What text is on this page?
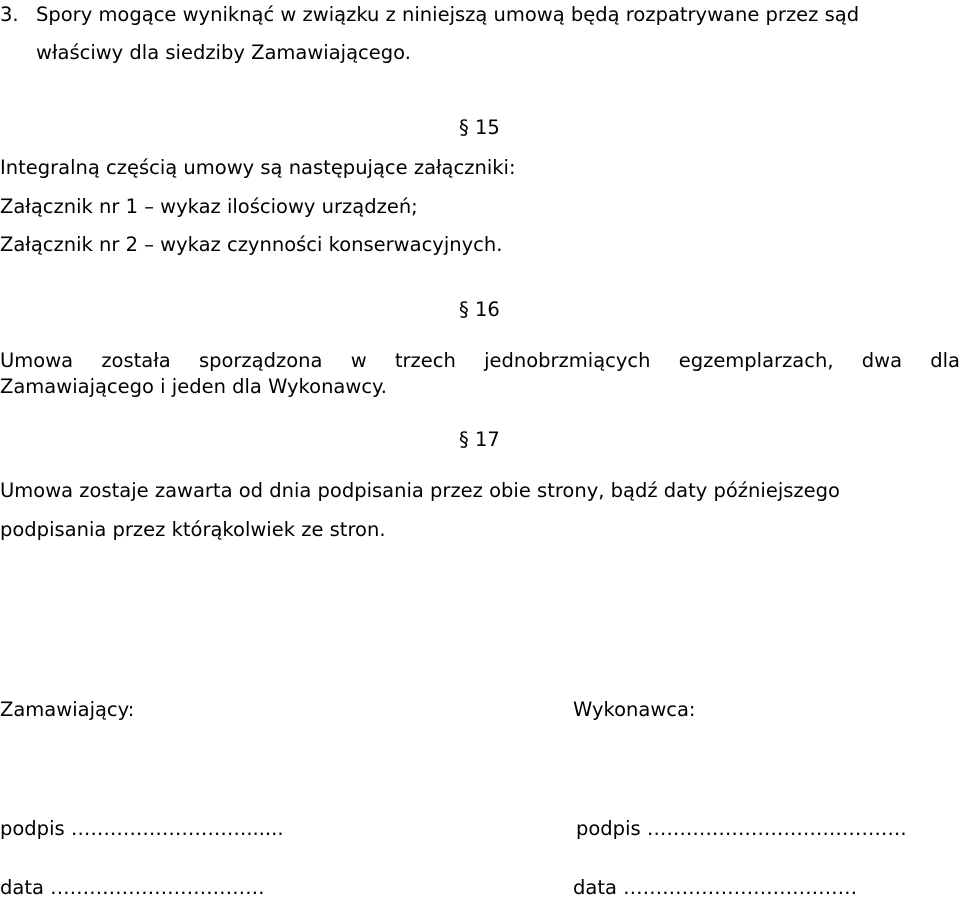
3. Spory mogące wyniknąć w związku z niniejszą umową będą rozpatrywane przez sąd
właściwy dla siedziby Zamawiającego.
§ 15
Integralną częścią umowy są następujące załączniki:
Załącznik nr 1 – wykaz ilościowy urządzeń;
Załącznik nr 2 – wykaz czynności konserwacyjnych.
§ 16
Umowa została sporządzona w trzech jednobrzmiących egzemplarzach, dwa dla
Zamawiającego i jeden dla Wykonawcy.
§ 17
Umowa zostaje zawarta od dnia podpisania przez obie strony, bądź daty późniejszego
podpisania przez którąkolwiek ze stron.
Zamawiający:	Wykonawca:
podpis ………………………......	podpis ………………………………….
data ……………………………	data ………………………………
